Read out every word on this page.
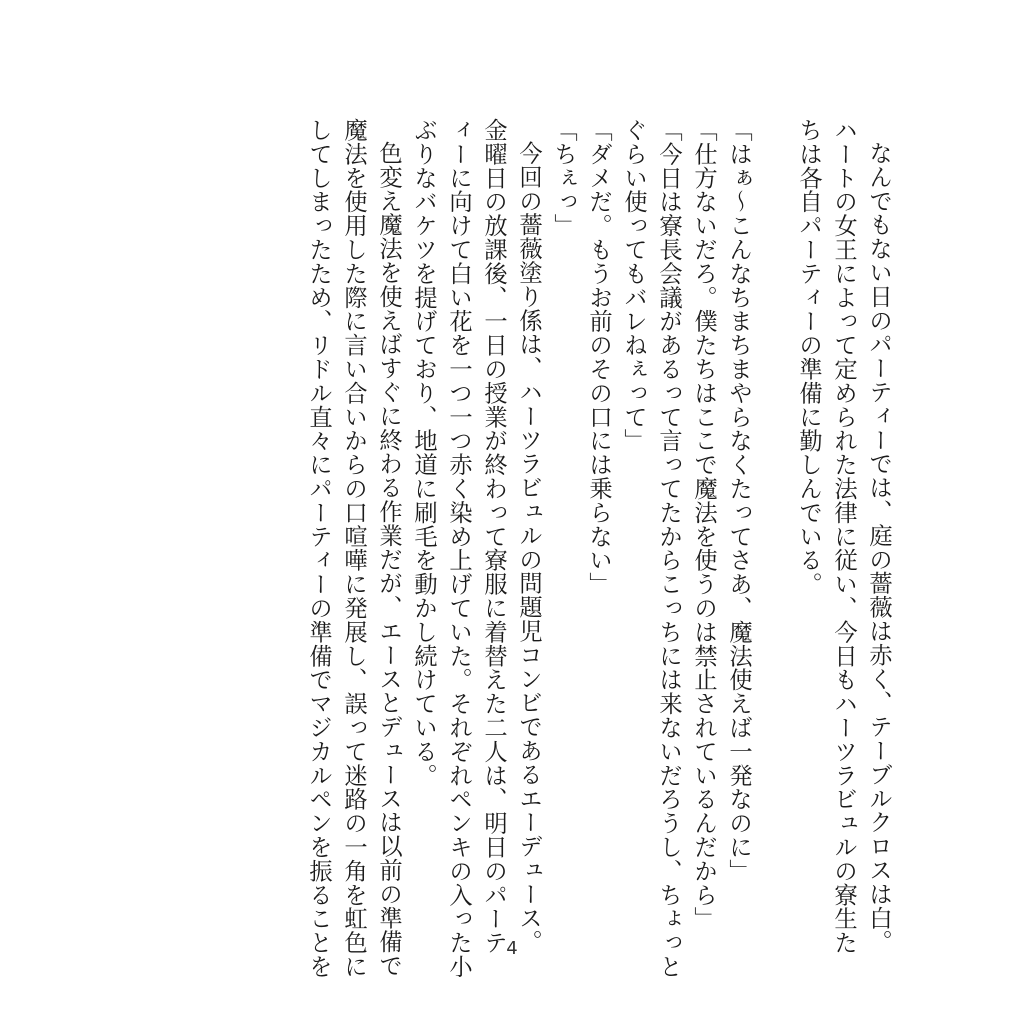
なんでもない日のパーティーでは、庭の薔薇は赤く、テーブルクロスは白。
ハートの女王によって定められた法律に従い、今日もハーツラビュルの寮生た
ちは各自パーティーの準備に勤しんでいる。
「はぁ～こんなちまちまやらなくたってさあ、魔法使えば一発なのに」
「仕方ないだろ。僕たちはここで魔法を使うのは禁止されているんだから」
「今日は寮長会議があるって言ってたからこっちには来ないだろうし、ちょっと
ぐらい使ってもバレねぇって」
「ダメだ。もうお前のその口には乗らない」
「ちぇっ」
今回の薔薇塗り係は、ハーツラビュルの問題児コンビであるエーデュース。
金曜日の放課後、一日の授業が終わって寮服に着替えた二人は、明日のパーテ
ィーに向けて白い花を一つ一つ赤く染め上げていた。それぞれペンキの入った小
ぶりなバケツを提げており、地道に刷毛を動かし続けている。
色変え魔法を使えばすぐに終わる作業だが、エースとデュースは以前の準備で
魔法を使用した際に言い合いからの口喧嘩に発展し、誤って迷路の一角を虹色に
してしまったため、リドル直々にパーティーの準備でマジカルペンを振ることを	4
